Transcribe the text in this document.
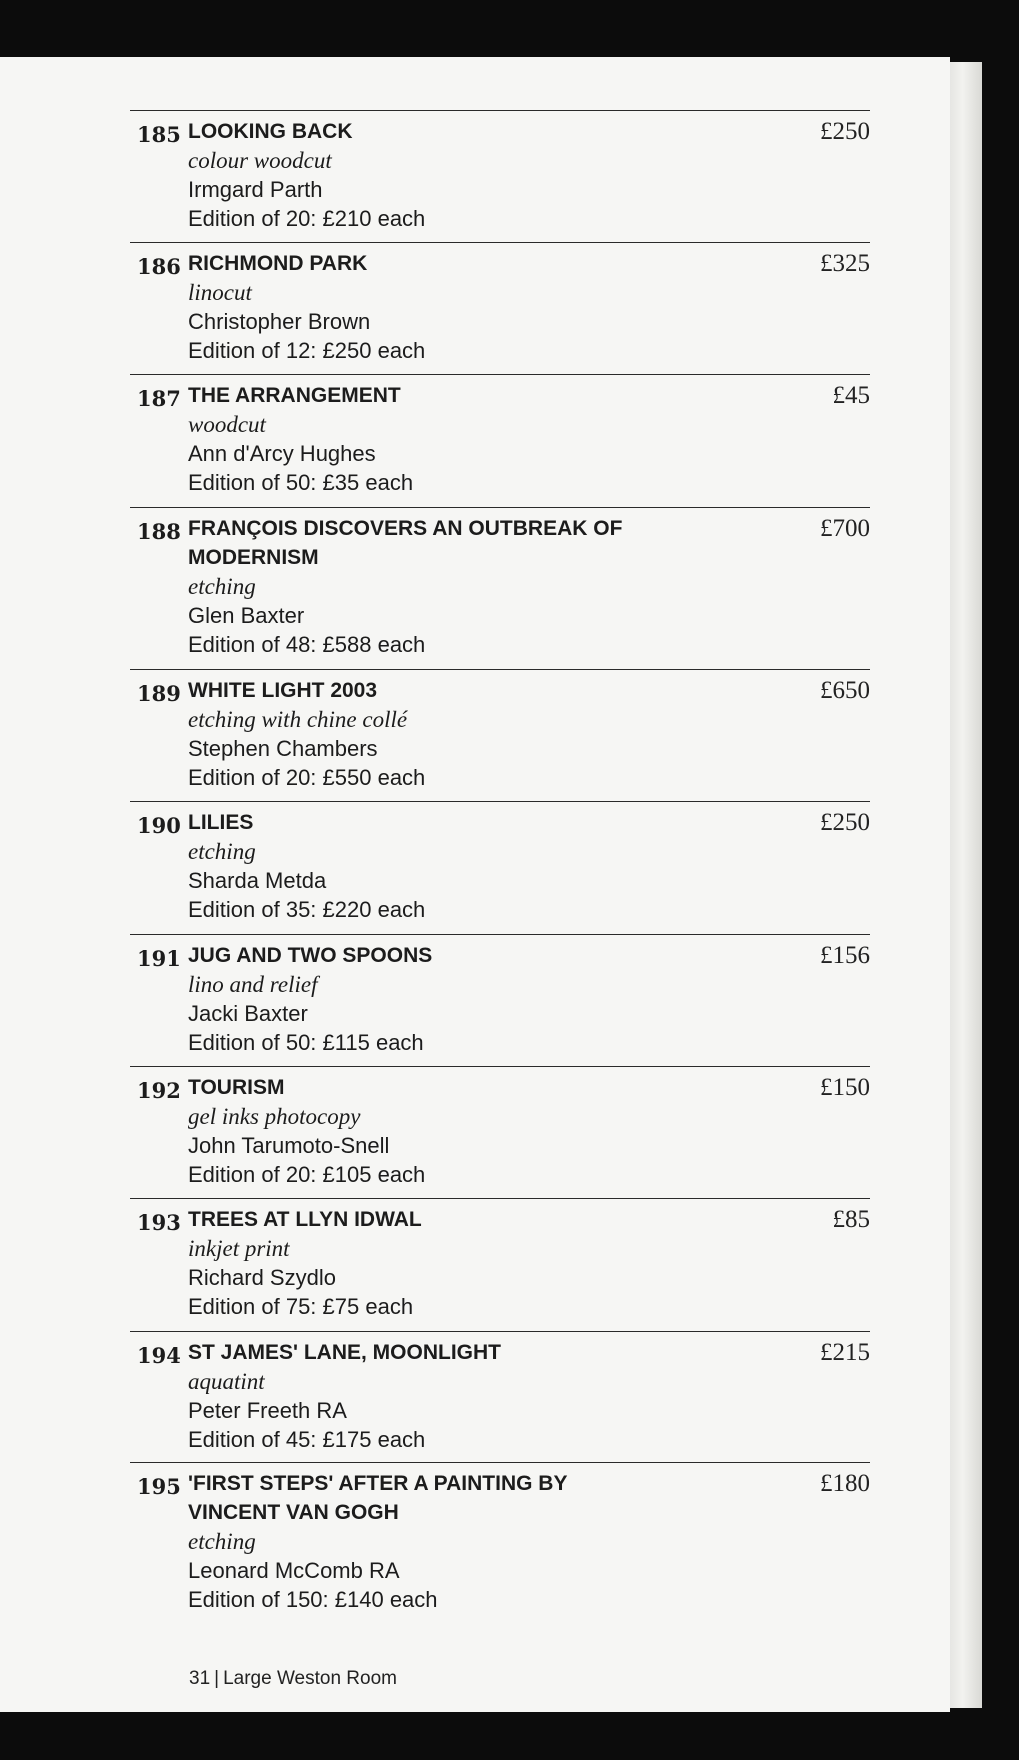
185	£250
LOOKING BACK
colour woodcut
Irmgard Parth
Edition of 20: £210 each
186	£325
RICHMOND PARK
linocut
Christopher Brown
Edition of 12: £250 each
187	£45
THE ARRANGEMENT
woodcut
Ann d'Arcy Hughes
Edition of 50: £35 each
188	£700
FRANÇOIS DISCOVERS AN OUTBREAK OF MODERNISM
etching
Glen Baxter
Edition of 48: £588 each
189	£650
WHITE LIGHT 2003
etching with chine collé
Stephen Chambers
Edition of 20: £550 each
190	£250
LILIES
etching
Sharda Metda
Edition of 35: £220 each
191	£156
JUG AND TWO SPOONS
lino and relief
Jacki Baxter
Edition of 50: £115 each
192	£150
TOURISM
gel inks photocopy
John Tarumoto-Snell
Edition of 20: £105 each
193	£85
TREES AT LLYN IDWAL
inkjet print
Richard Szydlo
Edition of 75: £75 each
194	£215
ST JAMES' LANE, MOONLIGHT
aquatint
Peter Freeth RA
Edition of 45: £175 each
195	£180
'FIRST STEPS' AFTER A PAINTING BY VINCENT VAN GOGH
etching
Leonard McComb RA
Edition of 150: £140 each
31 | Large Weston Room
